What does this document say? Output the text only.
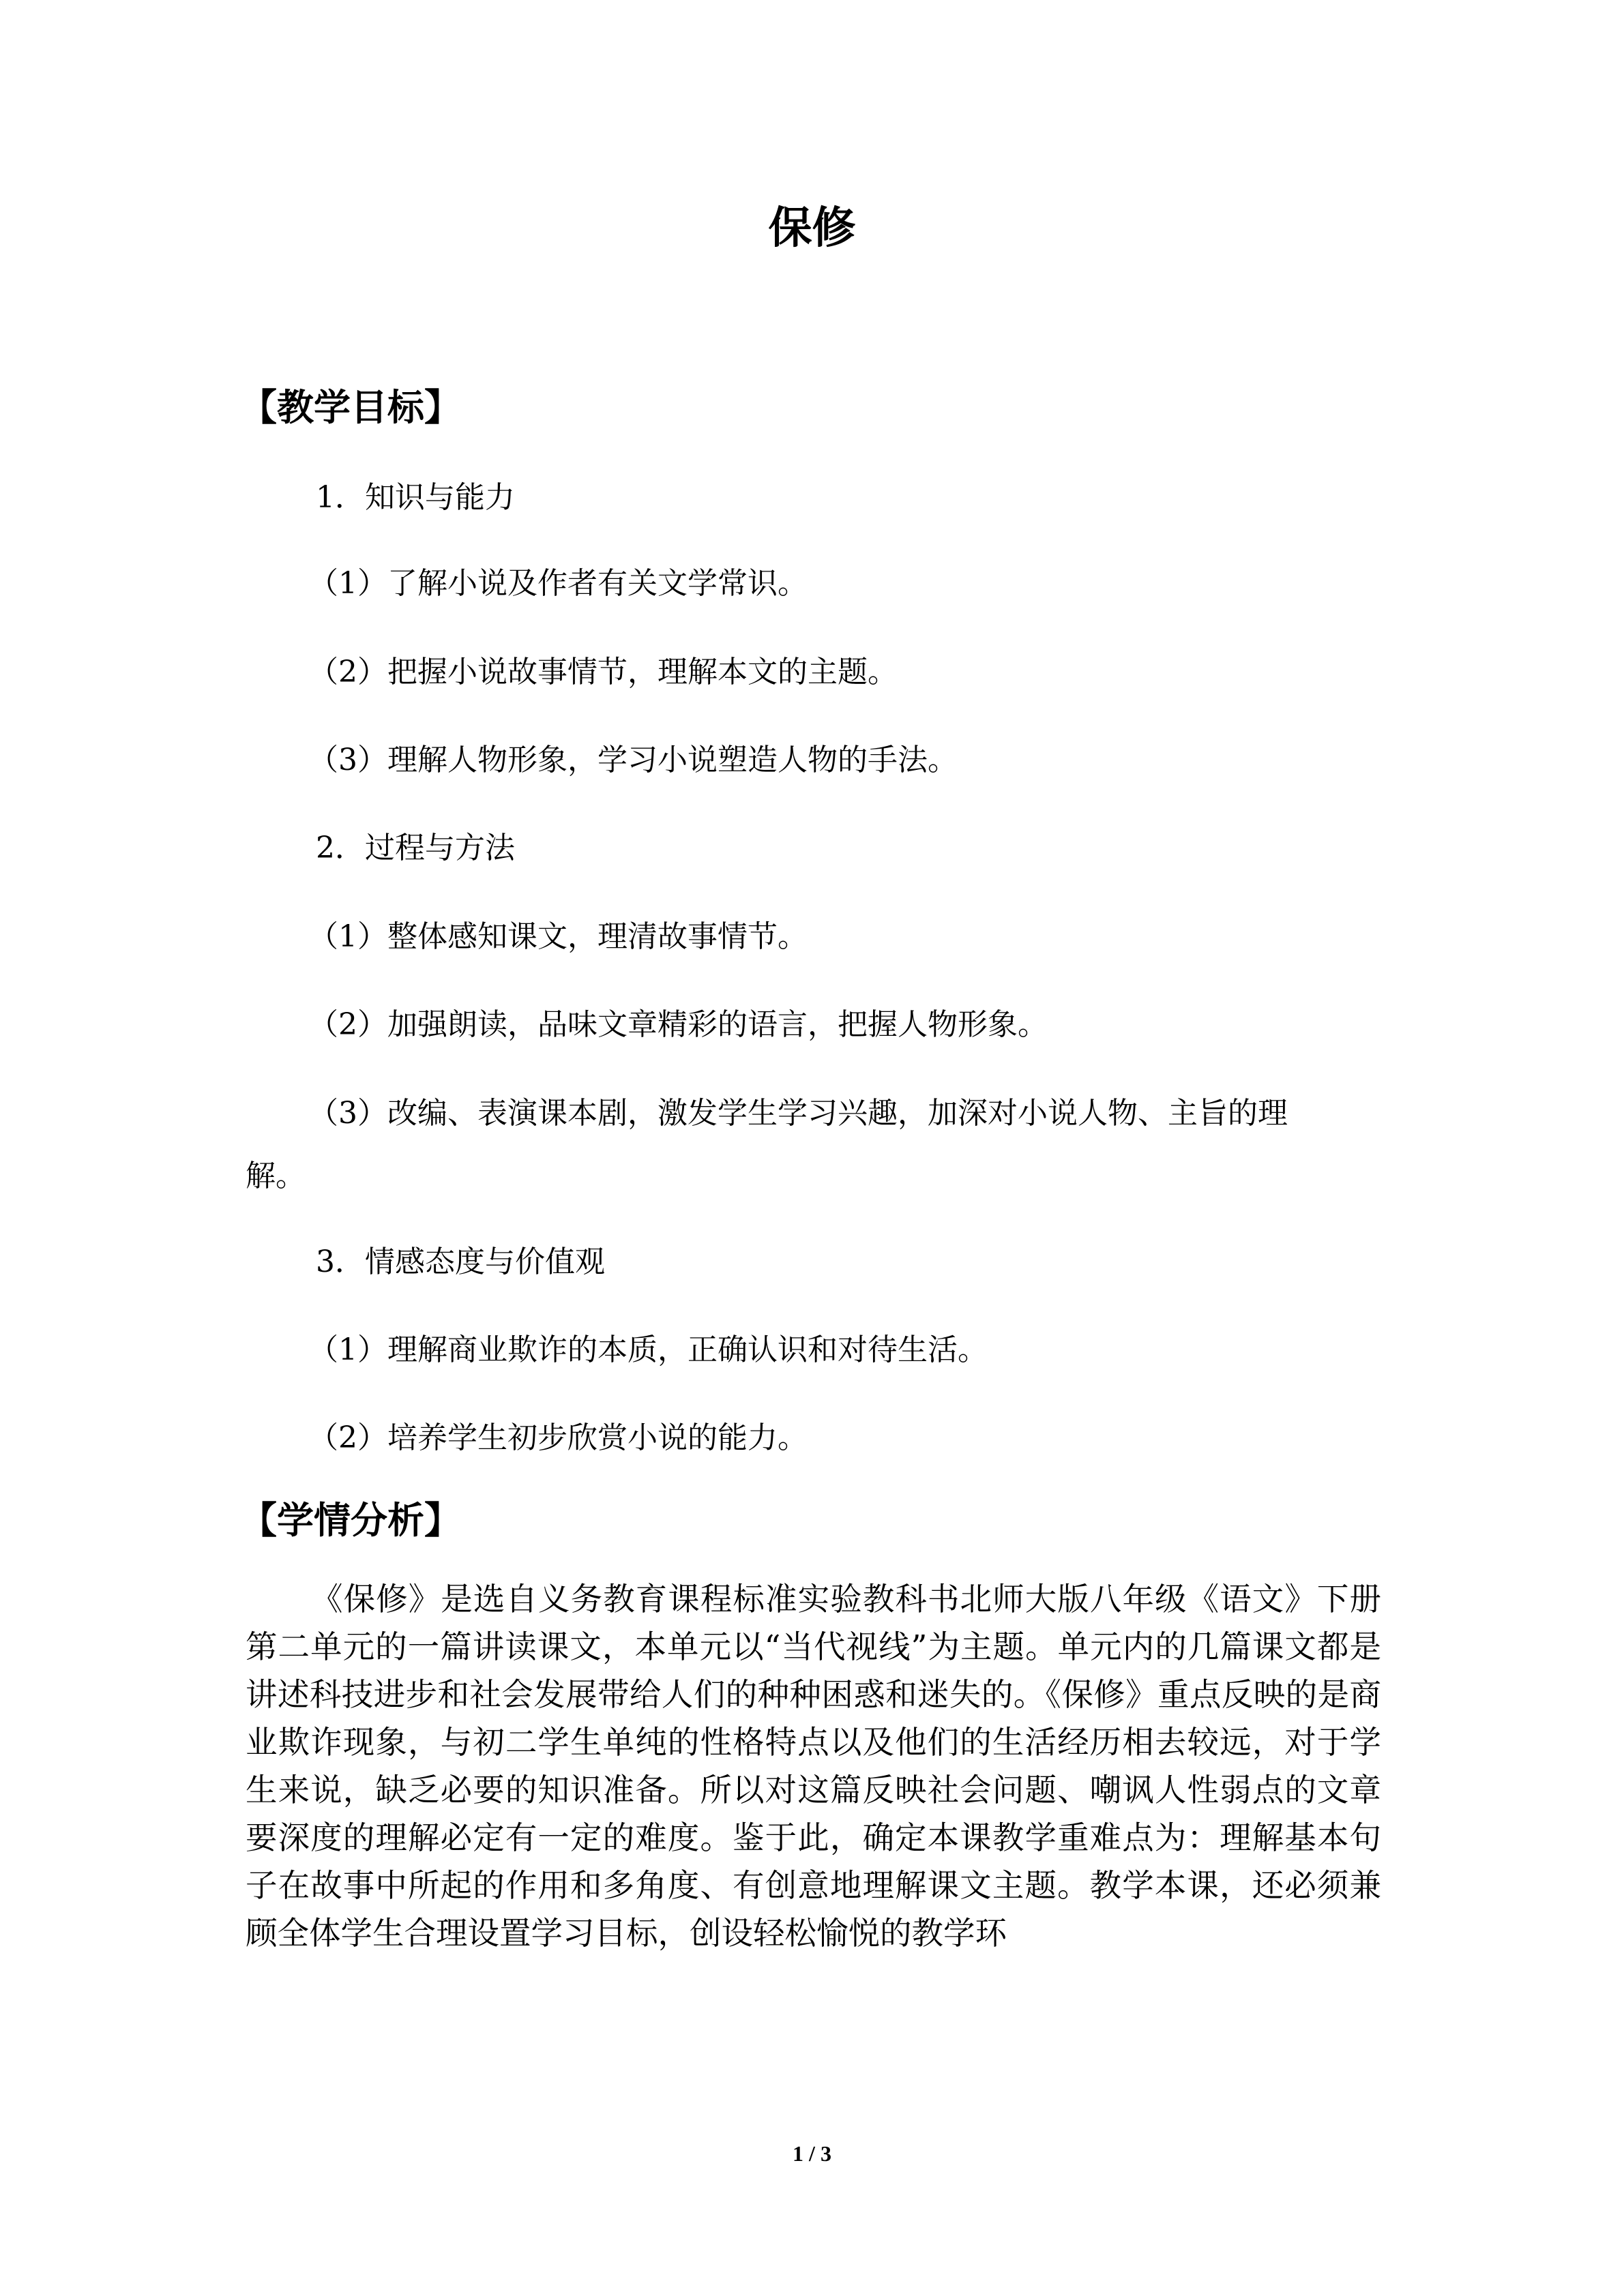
保修
【教学目标】
1．知识与能力
（1）了解小说及作者有关文学常识。
（2）把握小说故事情节，理解本文的主题。
（3）理解人物形象，学习小说塑造人物的手法。
2．过程与方法
（1）整体感知课文，理清故事情节。
（2）加强朗读，品味文章精彩的语言，把握人物形象。
（3）改编、表演课本剧，激发学生学习兴趣，加深对小说人物、主旨的理
解。
3．情感态度与价值观
（1）理解商业欺诈的本质，正确认识和对待生活。
（2）培养学生初步欣赏小说的能力。
【学情分析】

《保修》是选自义务教育课程标准实验教科书北师大版八年级《语文》下册第二单元的一篇讲读课文，本单元以“当代视线”为主题。单元内的几篇课文都是讲述科技进步和社会发展带给人们的种种困惑和迷失的。《保修》重点反映的是商业欺诈现象，与初二学生单纯的性格特点以及他们的生活经历相去较远，对于学生来说，缺乏必要的知识准备。所以对这篇反映社会问题、嘲讽人性弱点的文章要深度的理解必定有一定的难度。鉴于此，确定本课教学重难点为：理解基本句子在故事中所起的作用和多角度、有创意地理解课文主题。教学本课，还必须兼顾全体学生合理设置学习目标，创设轻松愉悦的教学环

1 / 3
